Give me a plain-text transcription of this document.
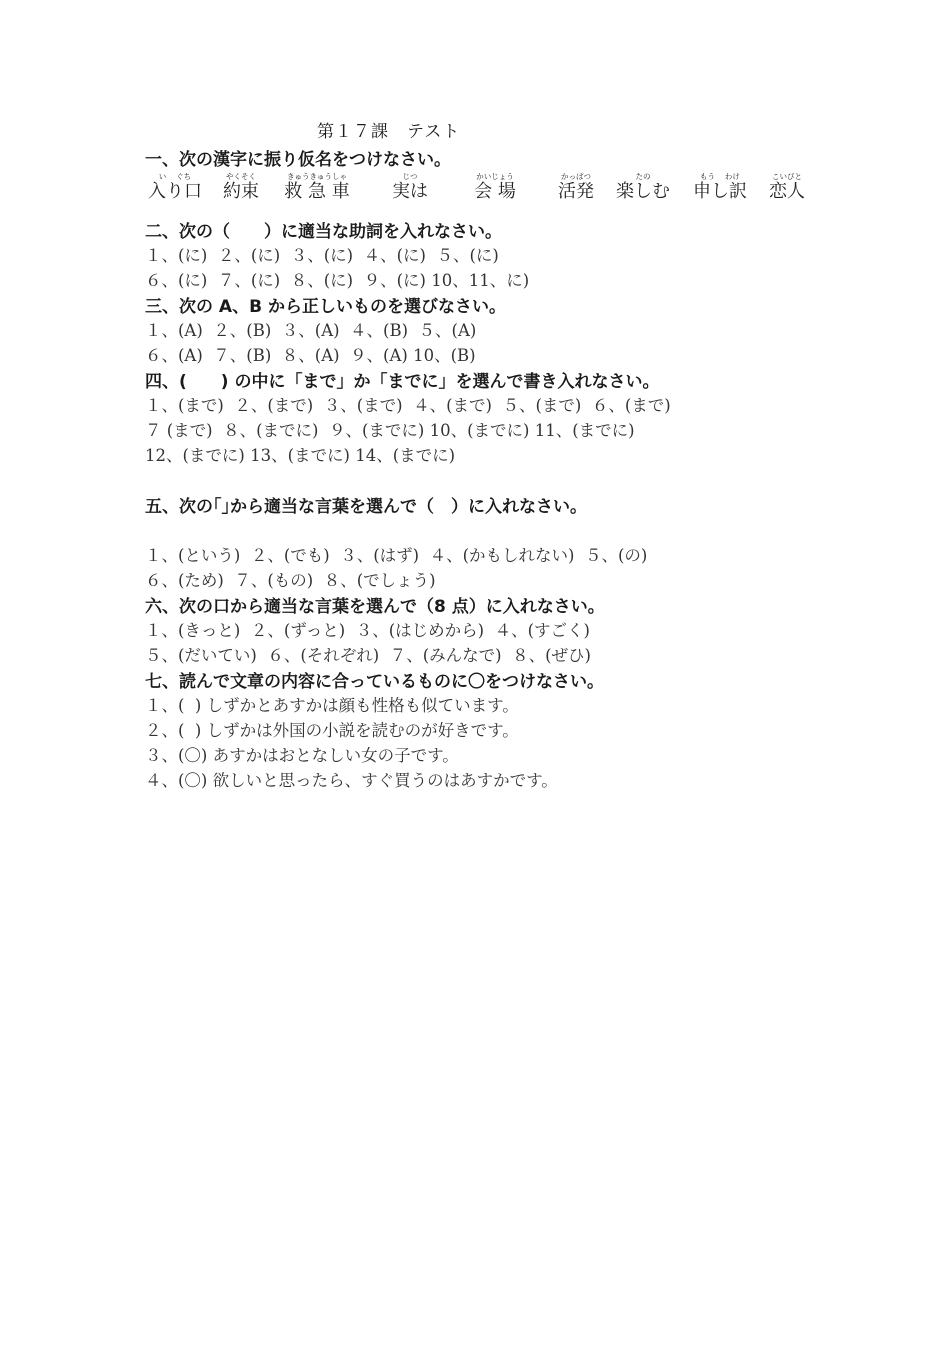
第１７課　テスト
一、次の漢字に振り仮名をつけなさい。
い　 ぐち
入り口
やくそく
約束
きゅうきゅうしゃ
救 急 車
じつ
実は
かいじょう
会 場
かっぱつ
活発
たの
楽しむ
もう　 わけ
申し訳
こいびと
恋人
二、次の（　　）に適当な助詞を入れなさい。
１、(に)  ２、(に)  ３、(に)  ４、(に)  ５、(に)
６、(に)  ７、(に)  ８、(に)  ９、(に) 10、11、に)
三、次の A、B から正しいものを選びなさい。
１、(A)  ２、(B)  ３、(A)  ４、(B)  ５、(A)
６、(A)  ７、(B)  ８、(A)  ９、(A) 10、(B)
四、(　　) の中に「まで」か「までに」を選んで書き入れなさい。
１、(まで)  ２、(まで)  ３、(まで)  ４、(まで)  ５、(まで)  ６、(まで)
７ (まで)  ８、(までに)  ９、(までに) 10、(までに) 11、(までに)
12、(までに) 13、(までに) 14、(までに)
五、次の｢｣から適当な言葉を選んで（　）に入れなさい。
１、(という)  ２、(でも)  ３、(はず)  ４、(かもしれない)  ５、(の)
６、(ため)  ７、(もの)  ８、(でしょう)
六、次の口から適当な言葉を選んで（8 点）に入れなさい。
１、(きっと)  ２、(ずっと)  ３、(はじめから)  ４、(すごく)
５、(だいてい)  ６、(それぞれ)  ７、(みんなで)  ８、(ぜひ)
七、読んで文章の内容に合っているものに〇をつけなさい。
１、(  ) しずかとあすかは顔も性格も似ています。
２、(  ) しずかは外国の小説を読むのが好きです。
３、(〇) あすかはおとなしい女の子です。
４、(〇) 欲しいと思ったら、すぐ買うのはあすかです。
